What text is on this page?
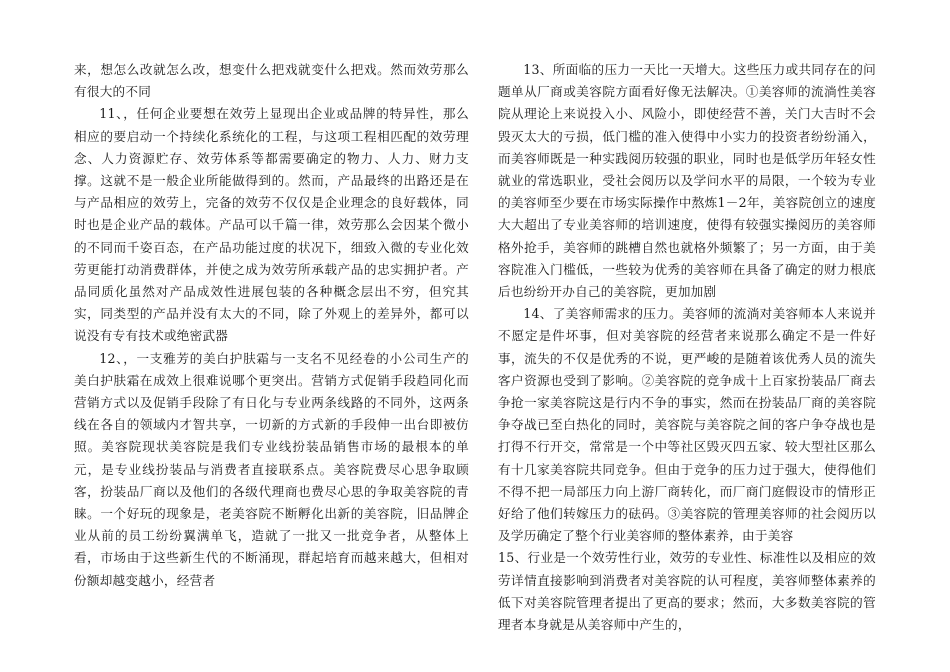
来，想怎么改就怎么改，想变什么把戏就变什么把戏。然而效劳那么有很大的不同

11、，任何企业要想在效劳上显现出企业或品牌的特异性，那么相应的要启动一个持续化系统化的工程，与这项工程相匹配的效劳理念、人力资源贮存、效劳体系等都需要确定的物力、人力、财力支撑。这就不是一般企业所能做得到的。然而，产品最终的出路还是在与产品相应的效劳上，完备的效劳不仅仅是企业理念的良好载体，同时也是企业产品的载体。产品可以千篇一律，效劳那么会因某个微小的不同而千姿百态，在产品功能过度的状况下，细致入微的专业化效劳更能打动消费群体，并使之成为效劳所承载产品的忠实拥护者。产品同质化虽然对产品成效性进展包装的各种概念层出不穷，但究其实，同类型的产品并没有太大的不同，除了外观上的差异外，都可以说没有专有技术或绝密武器

12、，一支雅芳的美白护肤霜与一支名不见经卷的小公司生产的美白护肤霜在成效上很难说哪个更突出。营销方式促销手段趋同化而营销方式以及促销手段除了有日化与专业两条线路的不同外，这两条线在各自的领域内才智共享，一切新的方式新的手段伸一出台即被仿照。美容院现状美容院是我们专业线扮装品销售市场的最根本的单元，是专业线扮装品与消费者直接联系点。美容院费尽心思争取顾客，扮装品厂商以及他们的各级代理商也费尽心思的争取美容院的青睐。一个好玩的现象是，老美容院不断孵化出新的美容院，旧品牌企业从前的员工纷纷翼满单飞，造就了一批又一批竞争者，从整体上看，市场由于这些新生代的不断涌现，群起培育而越来越大，但相对份额却越变越小，经营者

13、所面临的压力一天比一天增大。这些压力或共同存在的问题单从厂商或美容院方面看好像无法解决。①美容师的流淌性美容院从理论上来说投入小、风险小，即使经营不善，关门大吉时不会毁灭太大的亏损，低门槛的准入使得中小实力的投资者纷纷涌入，而美容师既是一种实践阅历较强的职业，同时也是低学历年轻女性就业的常选职业，受社会阅历以及学问水平的局限，一个较为专业的美容师至少要在市场实际操作中熬炼1－2年，美容院创立的速度大大超出了专业美容师的培训速度，使得有较强实操阅历的美容师格外抢手，美容师的跳槽自然也就格外频繁了；另一方面，由于美容院准入门槛低，一些较为优秀的美容师在具备了确定的财力根底后也纷纷开办自己的美容院，更加加剧

14、了美容师需求的压力。美容师的流淌对美容师本人来说并不愿定是件坏事，但对美容院的经营者来说那么确定不是一件好事，流失的不仅是优秀的不说，更严峻的是随着该优秀人员的流失客户资源也受到了影响。②美容院的竞争成十上百家扮装品厂商去争抢一家美容院这是行内不争的事实，然而在扮装品厂商的美容院争夺战已至白热化的同时，美容院与美容院之间的客户争夺战也是打得不行开交，常常是一个中等社区毁灭四五家、较大型社区那么有十几家美容院共同竞争。但由于竞争的压力过于强大，使得他们不得不把一局部压力向上游厂商转化，而厂商门庭假设市的情形正好给了他们转嫁压力的砝码。③美容院的管理美容师的社会阅历以及学历确定了整个行业美容师的整体素养，由于美容

15、行业是一个效劳性行业，效劳的专业性、标准性以及相应的效劳详情直接影响到消费者对美容院的认可程度，美容师整体素养的低下对美容院管理者提出了更高的要求；然而，大多数美容院的管理者本身就是从美容师中产生的，
